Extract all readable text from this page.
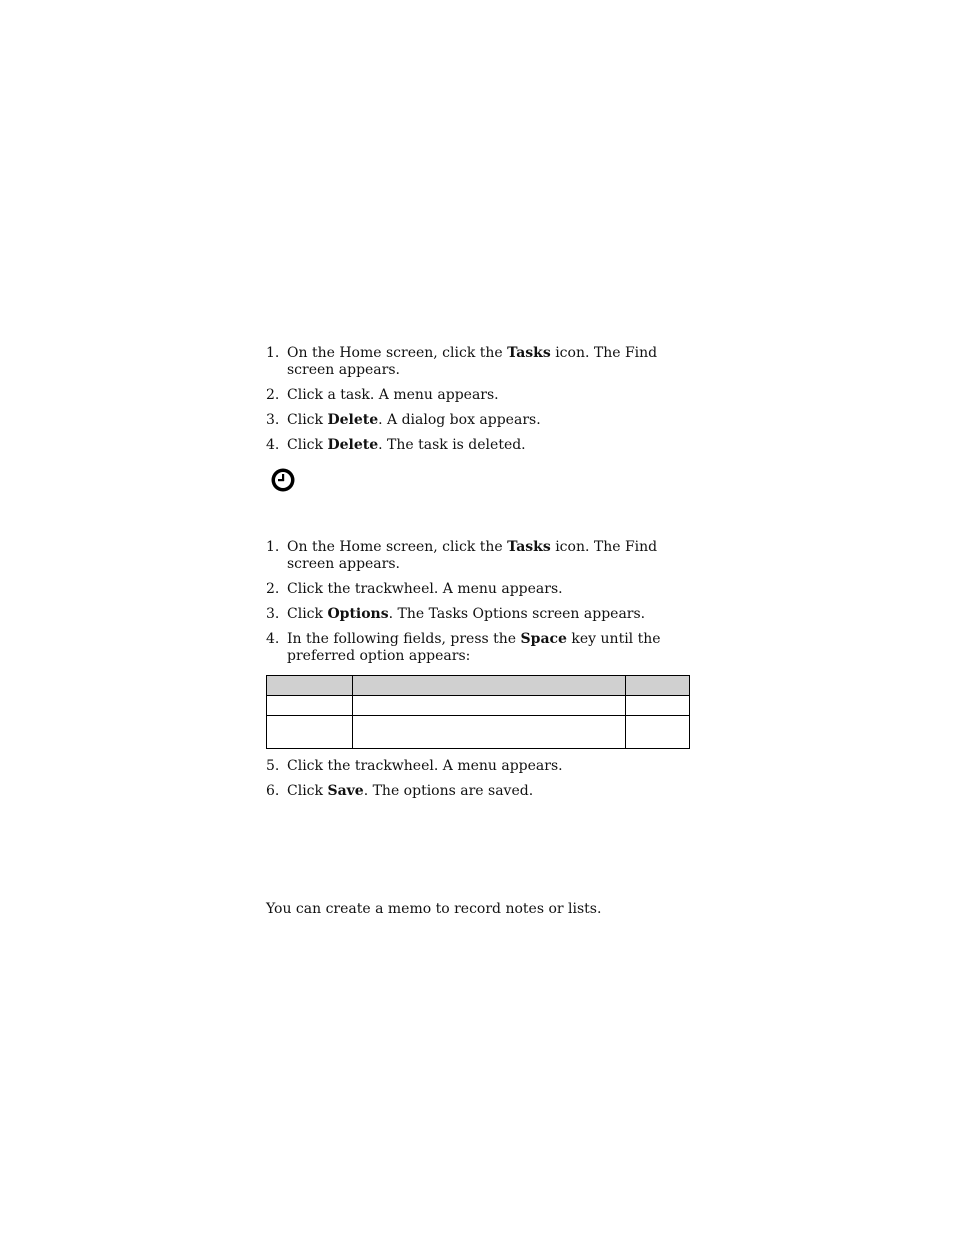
1. On the Home screen, click the Tasks icon. The Find screen appears.
2. Click a task. A menu appears.
3. Click Delete. A dialog box appears.
4. Click Delete. The task is deleted.
1. On the Home screen, click the Tasks icon. The Find screen appears.
2. Click the trackwheel. A menu appears.
3. Click Options. The Tasks Options screen appears.
4. In the following fields, press the Space key until the preferred option appears:

5. Click the trackwheel. A menu appears.
6. Click Save. The options are saved.
You can create a memo to record notes or lists.
